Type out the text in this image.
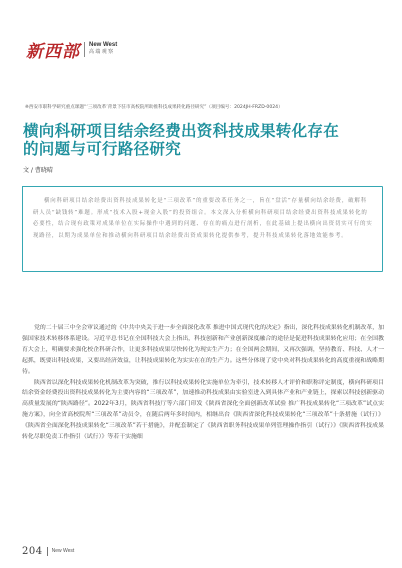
新西部 New West
高 端 观 察
※西安市职科学研究重点课题“‘三项改革’背景下驻市高校院所助推科技成果转化路径研究”（项目编号：2024JH-FRZD-0024）
横向科研项目结余经费出资科技成果转化存在的问题与可行路径研究
文 / 曹晓晴
横向科研项目结余经费出资科技成果转化是“三项改革”的重要改革任务之一，旨在“盘活”存量横向结余经费，破解科研人员“缺钱转”难题。形成“技术入股+现金入股”的投资组合。本文深入分析横向科研项目结余经费出资科技成果转化的必要性，结合现有政策对成果单位在实际操作中遇到的问题、存在的痛点进行剖析，在此基础上提出横向出资切实可行的实现路径，以期为成果单位和推动横向科研项目结余经费出资成果转化提供参考，提升科技成果转化落地效能参考。

党的二十届三中全会审议通过的《中共中央关于进一步全面深化改革 推进中国式现代化的决定》指出，深化科技成果转化机制改革，加强国家技术转移体系建设。习近平总书记在全国科技大会上指出，科技创新和产业创新深度融合的途径是促进科技成果转化应用；在全国教育大会上，明确要求强化校企科研合作，让更多科技成果尽快转化为现实生产力；在全国两会期间，又再次强调，坚持教育、科技、人才一起抓，既要出科技成果，又要出经济效益，让科技成果转化为实实在在的生产力。这些分体现了党中央对科技成果转化的高度重视和战略期待。

陕西省以深化科技成果转化机制改革为突破，推行以科技成果转化实施单位为牵引，技术转移人才评价和职称评定制度，横向科研项目结余资金经费投出资科技成果转化为主要内容的“三项改革”，加速推动科技成果由实验室进入到具体产业和产业链上，探索以科技创新驱动高质量发展的“陕西路径”。2022年3月，陕西省科技厅等六部门印发《陕西省深化全面创新改革试验 推广科技成果转化“三项改革”试点实施方案》，向全省高校院所“三项改革”动员令，在随后两年多时间内，相继出台《陕西省深化科技成果转化“三项改革”十条措施（试行）》《陕西省全面深化科技成果转化“三项改革”若干措施》，并配套制定了《陕西省职务科技成果单列管理操作指引（试行）》《陕西省科技成果转化尽职免责工作指引（试行）》等若干实施细

204 New West
